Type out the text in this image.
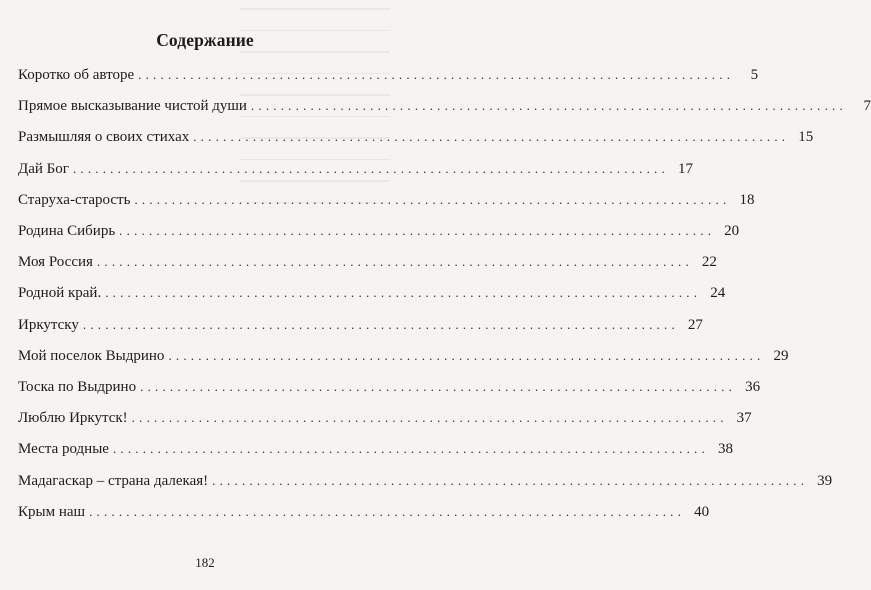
Содержание
Коротко об авторе ................................................................................	5
Прямое высказывание чистой души ................................................................................	7
Размышляя о своих стихах ................................................................................ 15
Дай Бог ................................................................................ 17
Старуха-старость ................................................................................ 18
Родина Сибирь ................................................................................ 20
Моя Россия ................................................................................ 22
Родной край. ................................................................................ 24
Иркутску ................................................................................ 27
Мой поселок Выдрино ................................................................................ 29
Тоска по Выдрино ................................................................................ 36
Люблю Иркутск! ................................................................................ 37
Места родные ................................................................................ 38
Мадагаскар – страна далекая! ................................................................................ 39
Крым наш ................................................................................ 40
182
